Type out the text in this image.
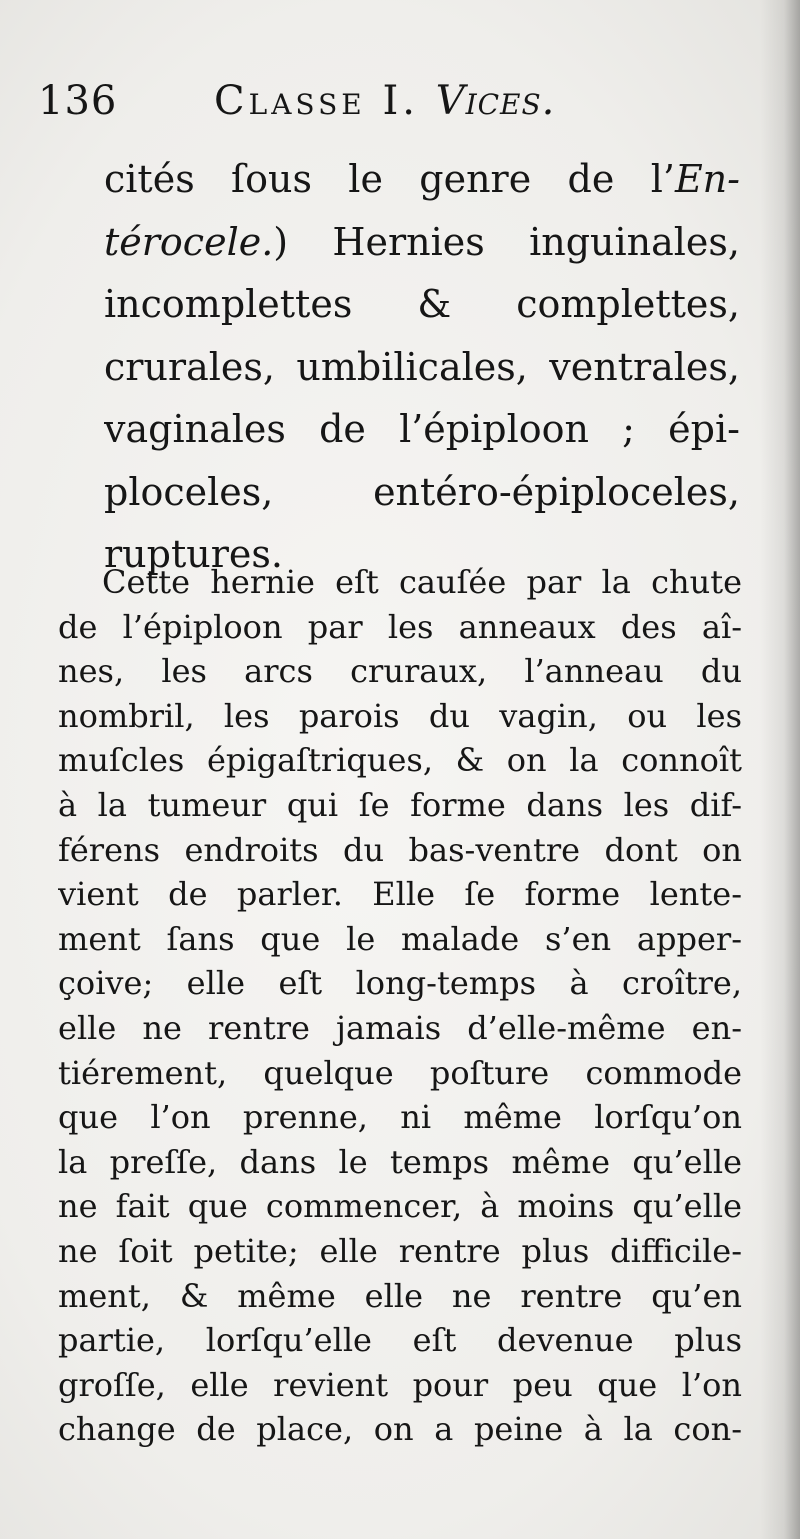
136 Classe I. Vices.
cités ſous le genre de l’En-
térocele.) Hernies inguinales,
incomplettes & complettes,
crurales, umbilicales, ventrales,
vaginales de l’épiploon ; épi-
ploceles, entéro-épiploceles,
ruptures.
Cette hernie eſt cauſée par la chute
de l’épiploon par les anneaux des aî-
nes, les arcs cruraux, l’anneau du
nombril, les parois du vagin, ou les
muſcles épigaſtriques, & on la connoît
à la tumeur qui ſe forme dans les dif-
férens endroits du bas-ventre dont on
vient de parler. Elle ſe forme lente-
ment ſans que le malade s’en apper-
çoive; elle eſt long-temps à croître,
elle ne rentre jamais d’elle-même en-
tiérement, quelque poſture commode
que l’on prenne, ni même lorſqu’on
la preſſe, dans le temps même qu’elle
ne fait que commencer, à moins qu’elle
ne ſoit petite; elle rentre plus difficile-
ment, & même elle ne rentre qu’en
partie, lorſqu’elle eſt devenue plus
groſſe, elle revient pour peu que l’on
change de place, on a peine à la con-
